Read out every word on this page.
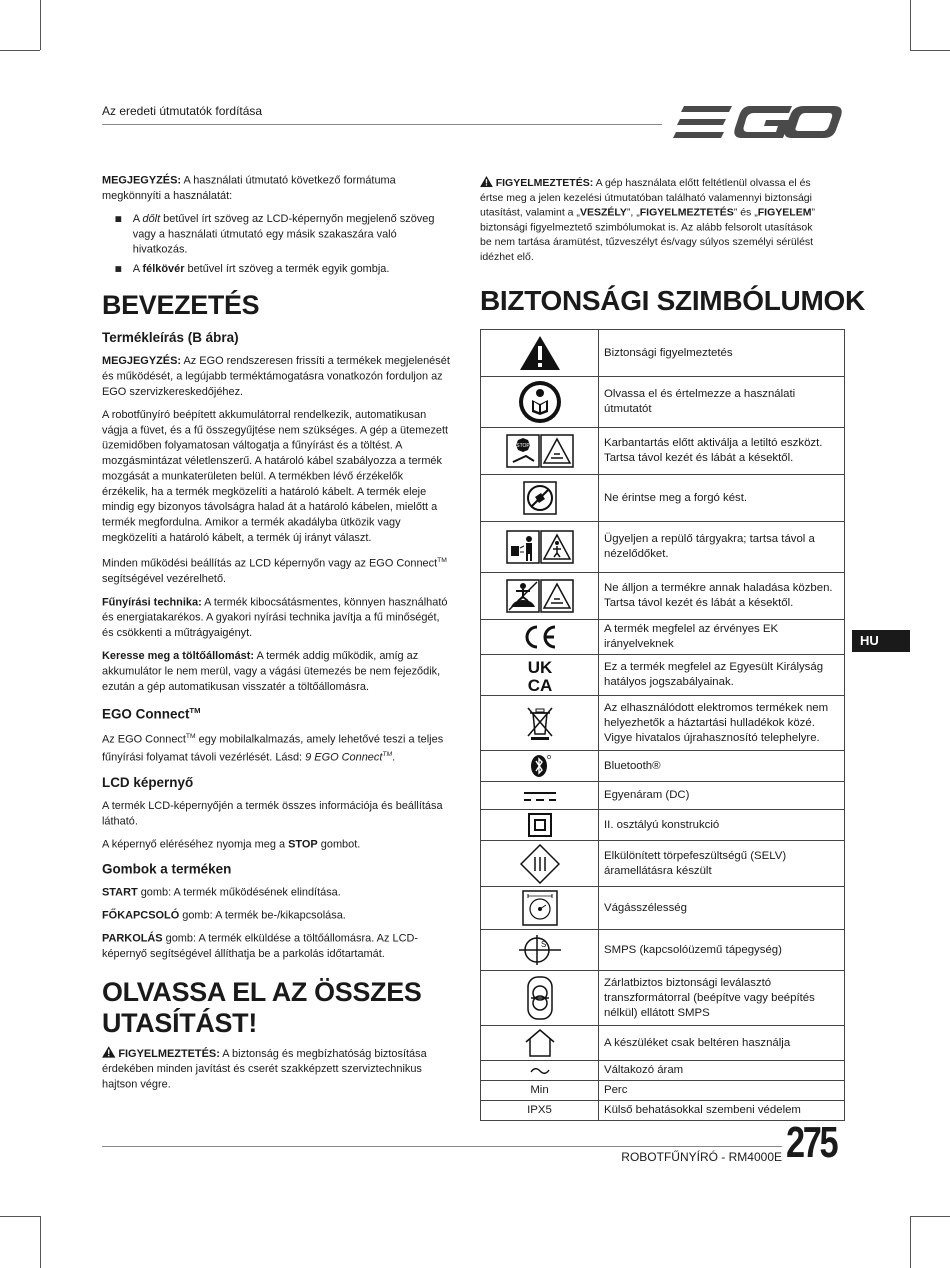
Az eredeti útmutatók fordítása

MEGJEGYZÉS: A használati útmutató következő formátuma megkönnyíti a használatát:

A dőlt betűvel írt szöveg az LCD-képernyőn megjelenő szöveg vagy a használati útmutató egy másik szakaszára való hivatkozás.
A félkövér betűvel írt szöveg a termék egyik gombja.
BEVEZETÉS
Termékleírás (B ábra)

MEGJEGYZÉS: Az EGO rendszeresen frissíti a termékek megjelenését és működését, a legújabb terméktámogatásra vonatkozón forduljon az EGO szervizkereskedőjéhez.

A robotfűnyíró beépített akkumulátorral rendelkezik, automatikusan vágja a füvet, és a fű összegyűjtése nem szükséges. A gép a ütemezett üzemidőben folyamatosan váltogatja a fűnyírást és a töltést. A mozgásmintázat véletlenszerű. A határoló kábel szabályozza a termék mozgását a munkaterületen belül. A termékben lévő érzékelők érzékelik, ha a termék megközelíti a határoló kábelt. A termék eleje mindig egy bizonyos távolságra halad át a határoló kábelen, mielőtt a termék megfordulna. Amikor a termék akadályba ütközik vagy megközelíti a határoló kábelt, a termék új irányt választ.

Minden működési beállítás az LCD képernyőn vagy az EGO Connect™ segítségével vezérelhető.

Fűnyírási technika: A termék kibocsátásmentes, könnyen használható és energiatakarékos. A gyakori nyírási technika javítja a fű minőségét, és csökkenti a műtrágyaigényt.

Keresse meg a töltőállomást: A termék addig működik, amíg az akkumulátor le nem merül, vagy a vágási ütemezés be nem fejeződik, ezután a gép automatikusan visszatér a töltőállomásra.

EGO Connect™

Az EGO Connect™ egy mobilalkalmazás, amely lehetővé teszi a teljes fűnyírási folyamat távoli vezérlését. Lásd: 9 EGO Connect™.

LCD képernyő

A termék LCD-képernyőjén a termék összes információja és beállítása látható.

A képernyő eléréséhez nyomja meg a STOP gombot.

Gombok a terméken

START gomb: A termék működésének elindítása.

FŐKAPCSOLÓ gomb: A termék be-/kikapcsolása.

PARKOLÁS gomb: A termék elküldése a töltőállomásra. Az LCD-képernyő segítségével állíthatja be a parkolás időtartamát.

OLVASSA EL AZ ÖSSZES UTASÍTÁST!

FIGYELMEZTETÉS: A biztonság és megbízhatóság biztosítása érdekében minden javítást és cserét szakképzett szerviztechnikus hajtson végre.

FIGYELMEZTETÉS: A gép használata előtt feltétlenül olvassa el és értse meg a jelen kezelési útmutatóban található valamennyi biztonsági utasítást, valamint a „VESZÉLY”, „FIGYELMEZTETÉS” és „FIGYELEM” biztonsági figyelmeztető szimbólumokat is. Az alább felsorolt utasítások be nem tartása áramütést, tűzveszélyt és/vagy súlyos személyi sérülést idézhet elő.

BIZTONSÁGI SZIMBÓLUMOK
	Biztonsági figyelmeztetés

	Olvassa el és értelmezze a használati útmutatót

STOP	Karbantartás előtt aktiválja a letiltó eszközt. Tartsa távol kezét és lábát a késektől.

	Ne érintse meg a forgó kést.

	Ügyeljen a repülő tárgyakra; tartsa távol a nézelődőket.

	Ne álljon a termékre annak haladása közben. Tartsa távol kezét és lábát a késektől.

	A termék megfelel az érvényes EK irányelveknek

UK
CA	Ez a termék megfelel az Egyesült Királyság hatályos jogszabályainak.

	Az elhasználódott elektromos termékek nem helyezhetők a háztartási hulladékok közé. Vigye hivatalos újrahasznosító telephelyre.

	Bluetooth®

	Egyenáram (DC)

	II. osztályú konstrukció

	Elkülönített törpefeszültségű (SELV) áramellátásra készült

	Vágásszélesség

S	SMPS (kapcsolóüzemű tápegység)

	Zárlatbiztos biztonsági leválasztó transzformátorral (beépítve vagy beépítés nélkül) ellátott SMPS

	A készüléket csak beltéren használja

	Váltakozó áram
Min	Perc
IPX5	Külső behatásokkal szembeni védelem
HU
ROBOTFŰNYÍRÓ - RM4000E 275
